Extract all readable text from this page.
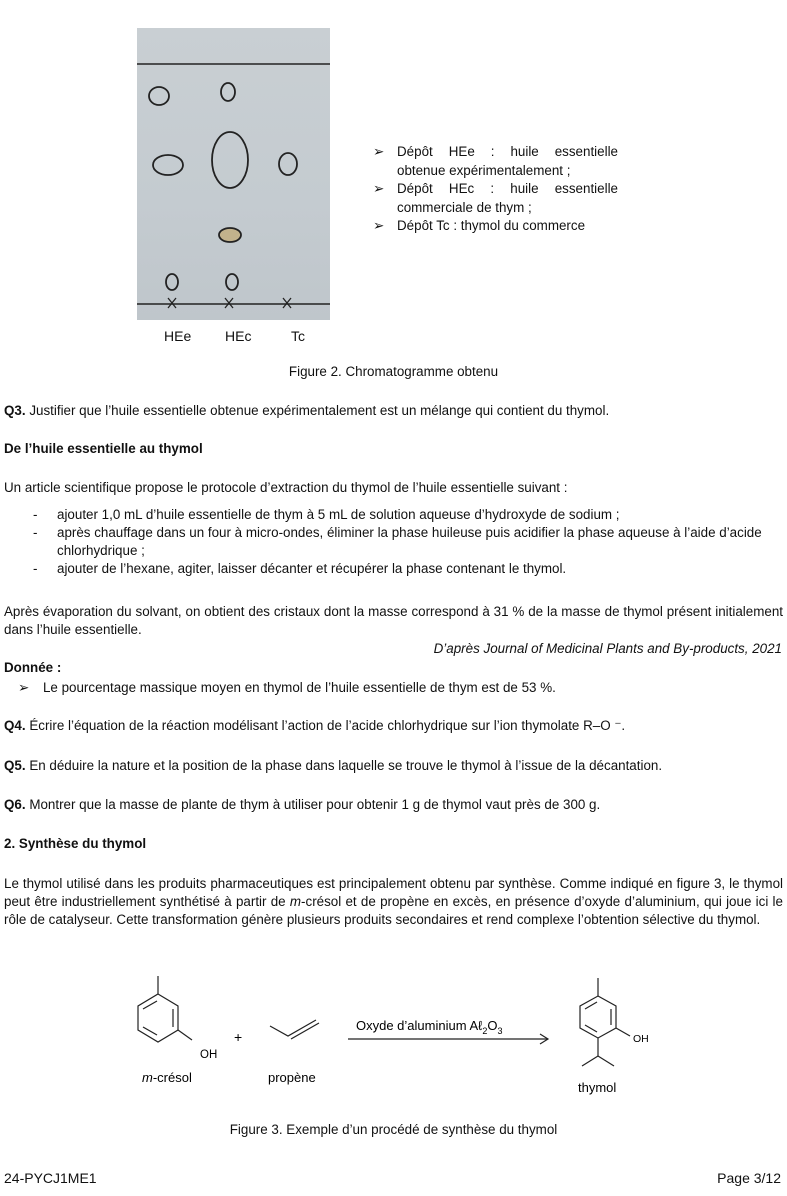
HEe HEc	Tc
➢ Dépôt HEe : huile essentielle obtenue expérimentalement ;
➢ Dépôt HEc : huile essentielle commerciale de thym ;
➢ Dépôt Tc : thymol du commerce
Figure 2. Chromatogramme obtenu
Q3. Justifier que l’huile essentielle obtenue expérimentalement est un mélange qui contient du thymol.
De l’huile essentielle au thymol
Un article scientifique propose le protocole d’extraction du thymol de l’huile essentielle suivant :
- ajouter 1,0 mL d’huile essentielle de thym à 5 mL de solution aqueuse d’hydroxyde de sodium ;
- après chauffage dans un four à micro-ondes, éliminer la phase huileuse puis acidifier la phase aqueuse à l’aide d’acide chlorhydrique ;
- ajouter de l’hexane, agiter, laisser décanter et récupérer la phase contenant le thymol.
Après évaporation du solvant, on obtient des cristaux dont la masse correspond à 31 % de la masse de thymol présent initialement dans l’huile essentielle.
D’après Journal of Medicinal Plants and By-products, 2021
Donnée :
➢ Le pourcentage massique moyen en thymol de l’huile essentielle de thym est de 53 %.
Q4. Écrire l’équation de la réaction modélisant l’action de l’acide chlorhydrique sur l’ion thymolate R–O ⁻.
Q5. En déduire la nature et la position de la phase dans laquelle se trouve le thymol à l’issue de la décantation.
Q6. Montrer que la masse de plante de thym à utiliser pour obtenir 1 g de thymol vaut près de 300 g.
2. Synthèse du thymol
Le thymol utilisé dans les produits pharmaceutiques est principalement obtenu par synthèse. Comme indiqué en figure 3, le thymol peut être industriellement synthétisé à partir de m-crésol et de propène en excès, en présence d’oxyde d’aluminium, qui joue ici le rôle de catalyseur. Cette transformation génère plusieurs produits secondaires et rend complexe l’obtention sélective du thymol.
OH
m-crésol
+
propène
Oxyde d’aluminium $A\ell_2O_3$
OH
thymol
Figure 3. Exemple d’un procédé de synthèse du thymol
24-PYCJ1ME1	Page 3/12
